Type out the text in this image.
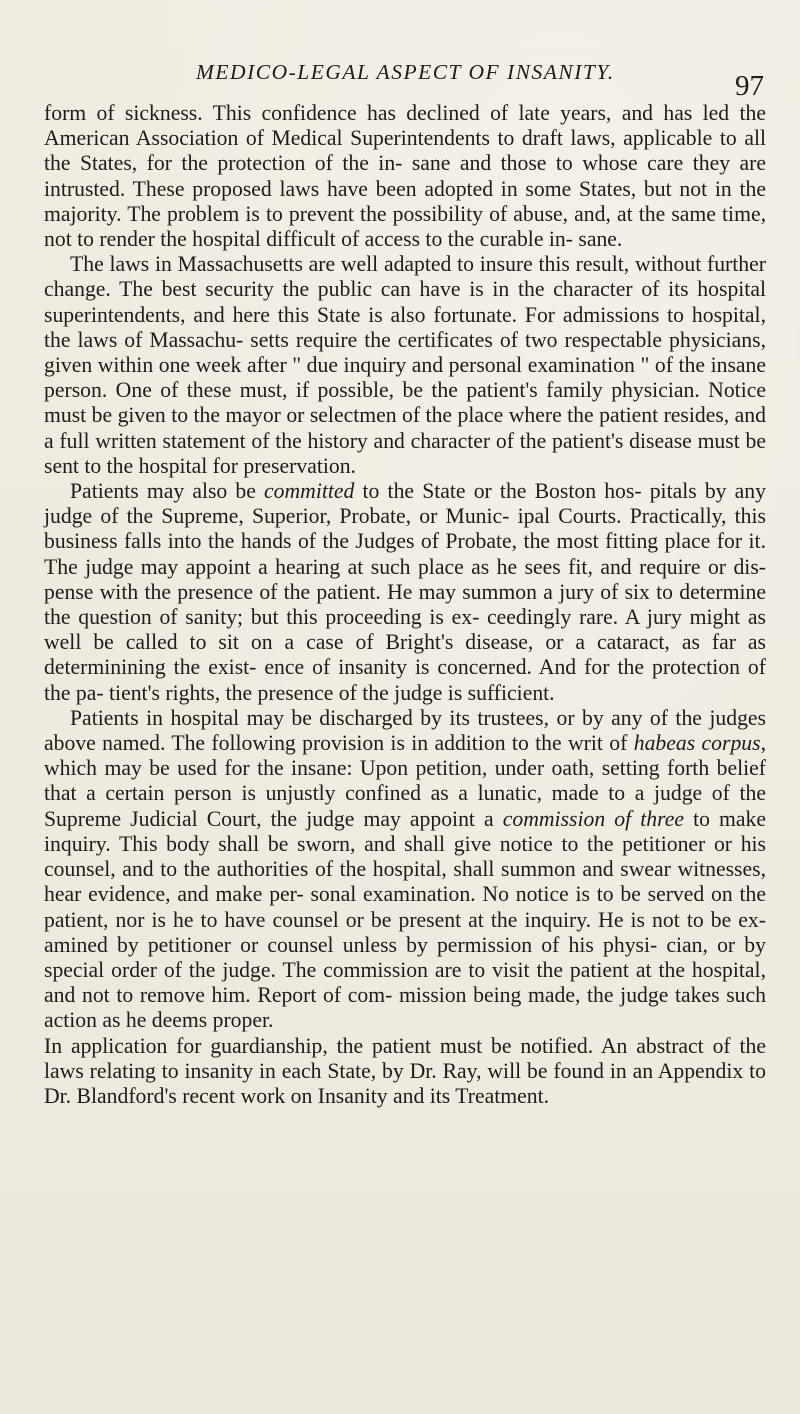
MEDICO-LEGAL ASPECT OF INSANITY.	97

form of sickness. This confidence has declined of late years, and has led the American Association of Medical Superintendents to draft laws, applicable to all the States, for the protection of the in- sane and those to whose care they are intrusted. These proposed laws have been adopted in some States, but not in the majority. The problem is to prevent the possibility of abuse, and, at the same time, not to render the hospital difficult of access to the curable in- sane.

The laws in Massachusetts are well adapted to insure this result, without further change. The best security the public can have is in the character of its hospital superintendents, and here this State is also fortunate. For admissions to hospital, the laws of Massachu- setts require the certificates of two respectable physicians, given within one week after " due inquiry and personal examination " of the insane person. One of these must, if possible, be the patient's family physician. Notice must be given to the mayor or selectmen of the place where the patient resides, and a full written statement of the history and character of the patient's disease must be sent to the hospital for preservation.

Patients may also be committed to the State or the Boston hos- pitals by any judge of the Supreme, Superior, Probate, or Munic- ipal Courts. Practically, this business falls into the hands of the Judges of Probate, the most fitting place for it. The judge may appoint a hearing at such place as he sees fit, and require or dis- pense with the presence of the patient. He may summon a jury of six to determine the question of sanity; but this proceeding is ex- ceedingly rare. A jury might as well be called to sit on a case of Bright's disease, or a cataract, as far as determinining the exist- ence of insanity is concerned. And for the protection of the pa- tient's rights, the presence of the judge is sufficient.

Patients in hospital may be discharged by its trustees, or by any of the judges above named. The following provision is in addition to the writ of habeas corpus, which may be used for the insane: Upon petition, under oath, setting forth belief that a certain person is unjustly confined as a lunatic, made to a judge of the Supreme Judicial Court, the judge may appoint a commission of three to make inquiry. This body shall be sworn, and shall give notice to the petitioner or his counsel, and to the authorities of the hospital, shall summon and swear witnesses, hear evidence, and make per- sonal examination. No notice is to be served on the patient, nor is he to have counsel or be present at the inquiry. He is not to be ex- amined by petitioner or counsel unless by permission of his physi- cian, or by special order of the judge. The commission are to visit the patient at the hospital, and not to remove him. Report of com- mission being made, the judge takes such action as he deems proper.

In application for guardianship, the patient must be notified. An abstract of the laws relating to insanity in each State, by Dr. Ray, will be found in an Appendix to Dr. Blandford's recent work on Insanity and its Treatment.
